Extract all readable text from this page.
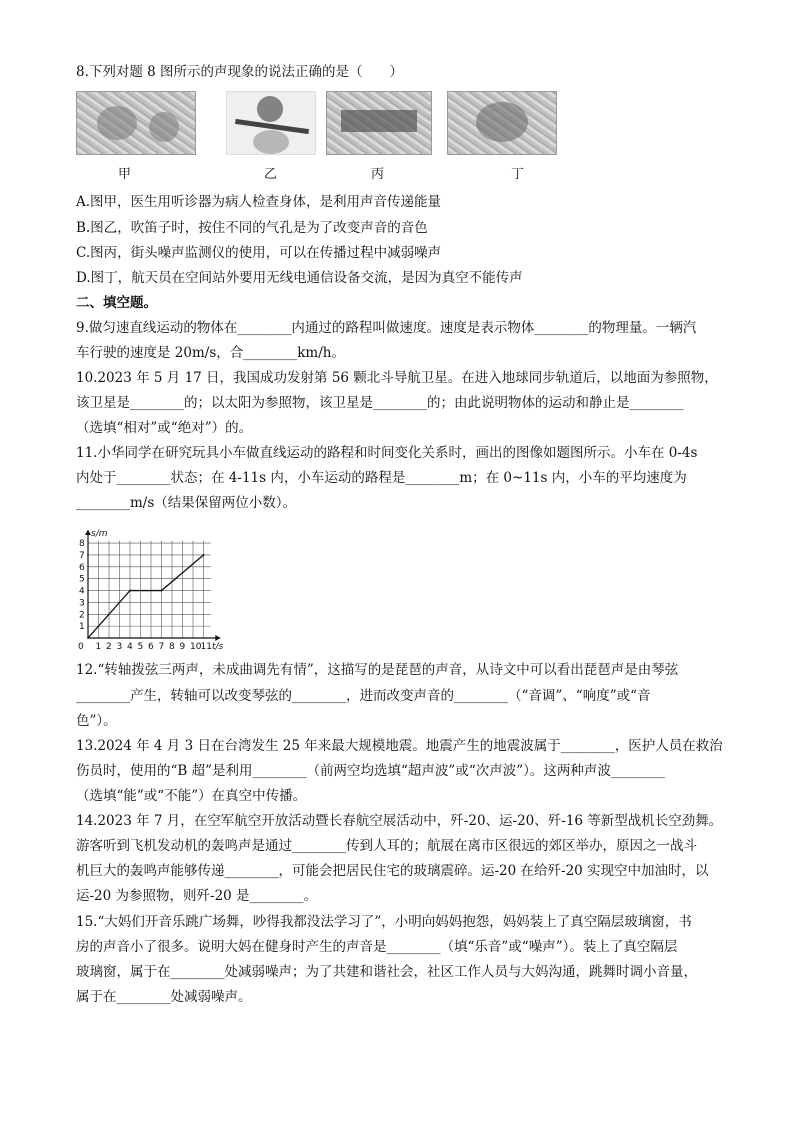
8.下列对题 8 图所示的声现象的说法正确的是（　　）
甲	乙	丙	丁
A.图甲，医生用听诊器为病人检查身体，是利用声音传递能量
B.图乙，吹笛子时，按住不同的气孔是为了改变声音的音色
C.图丙，街头噪声监测仪的使用，可以在传播过程中减弱噪声
D.图丁，航天员在空间站外要用无线电通信设备交流，是因为真空不能传声
二、填空题。
9.做匀速直线运动的物体在________内通过的路程叫做速度。速度是表示物体________的物理量。一辆汽
车行驶的速度是 20m/s，合________km/h。
10.2023 年 5 月 17 日，我国成功发射第 56 颗北斗导航卫星。在进入地球同步轨道后，以地面为参照物，
该卫星是________的；以太阳为参照物，该卫星是________的；由此说明物体的运动和静止是________
（选填“相对”或“绝对”）的。
11.小华同学在研究玩具小车做直线运动的路程和时间变化关系时，画出的图像如题图所示。小车在 0-4s
内处于________状态；在 4-11s 内，小车运动的路程是________m；在 0~11s 内，小车的平均速度为
________m/s（结果保留两位小数）。
0 1 2 3 4 5 6 7 8 9 10 11
1
2
3
4
5
6
7
8
s/m
t/s
12.“转轴拨弦三两声，未成曲调先有情”，这描写的是琵琶的声音，从诗文中可以看出琵琶声是由琴弦
________产生，转轴可以改变琴弦的________，进而改变声音的________（“音调”、“响度”或“音
色”）。
13.2024 年 4 月 3 日在台湾发生 25 年来最大规模地震。地震产生的地震波属于________，医护人员在救治
伤员时，使用的“B 超”是利用________（前两空均选填“超声波”或“次声波”）。这两种声波________
（选填“能”或“不能”）在真空中传播。
14.2023 年 7 月，在空军航空开放活动暨长春航空展活动中，歼-20、运-20、歼-16 等新型战机长空劲舞。
游客听到飞机发动机的轰鸣声是通过________传到人耳的；航展在离市区很远的郊区举办，原因之一战斗
机巨大的轰鸣声能够传递________，可能会把居民住宅的玻璃震碎。运-20 在给歼-20 实现空中加油时，以
运-20 为参照物，则歼-20 是________。
15.“大妈们开音乐跳广场舞，吵得我都没法学习了”，小明向妈妈抱怨，妈妈装上了真空隔层玻璃窗，书
房的声音小了很多。说明大妈在健身时产生的声音是________（填“乐音”或“噪声”）。装上了真空隔层
玻璃窗，属于在________处减弱噪声；为了共建和谐社会，社区工作人员与大妈沟通，跳舞时调小音量，
属于在________处减弱噪声。
